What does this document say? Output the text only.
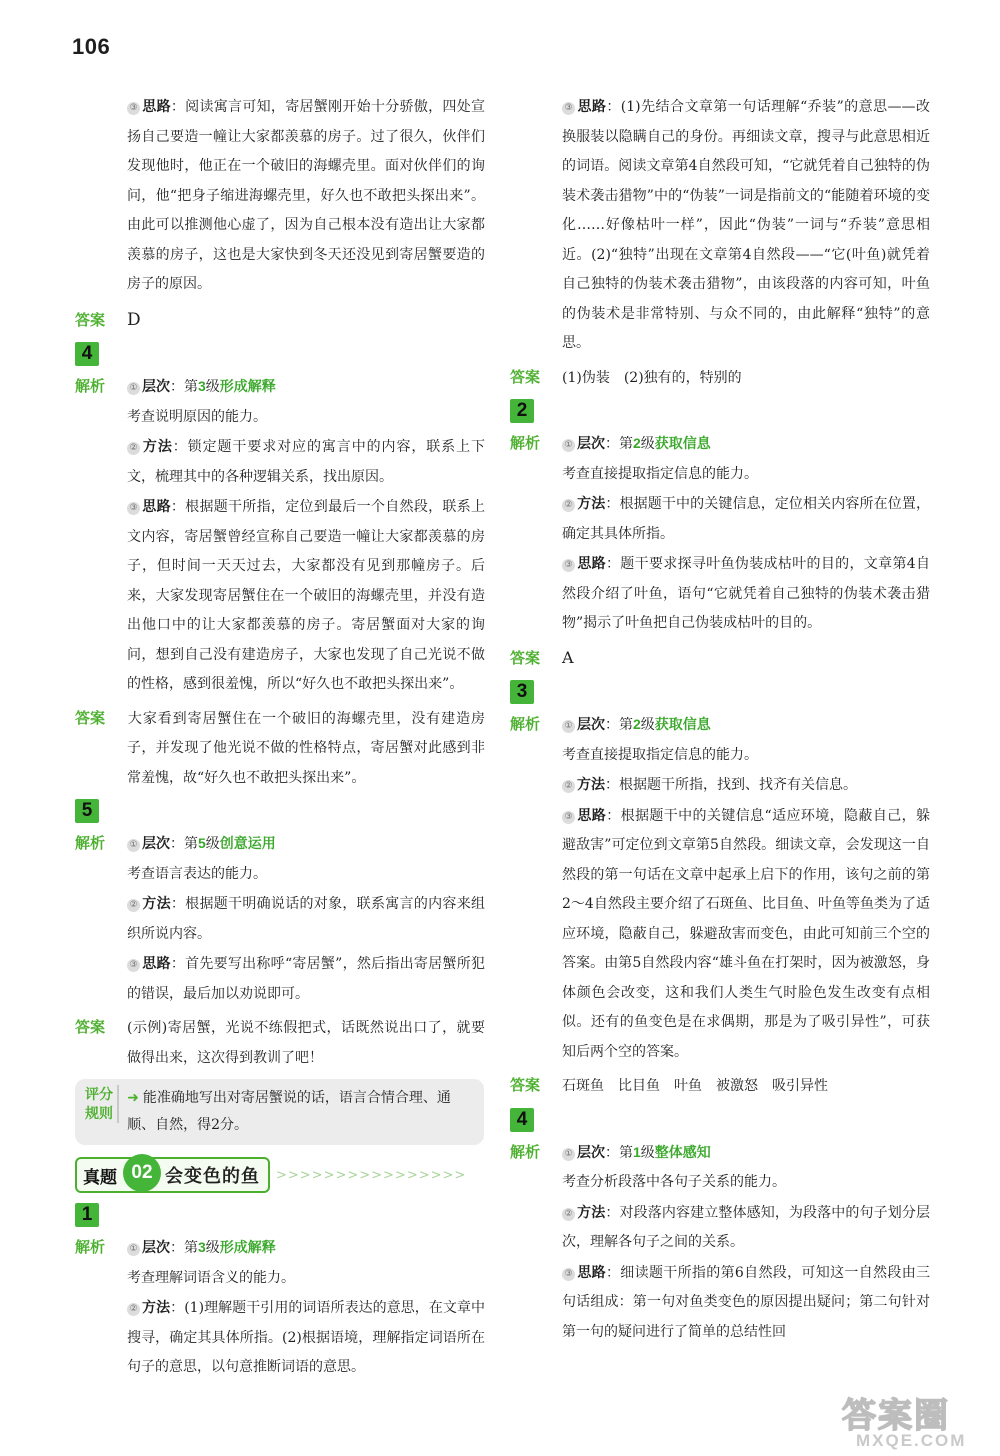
106

③ 思路：阅读寓言可知，寄居蟹刚开始十分骄傲，四处宣扬自己要造一幢让大家都羡慕的房子。过了很久，伙伴们发现他时，他正在一个破旧的海螺壳里。面对伙伴们的询问，他“把身子缩进海螺壳里，好久也不敢把头探出来”。由此可以推测他心虚了，因为自己根本没有造出让大家都羡慕的房子，这也是大家快到冬天还没见到寄居蟹要造的房子的原因。

答案 D

4

解析	① 层次：第3级形成解释

考查说明原因的能力。

② 方法：锁定题干要求对应的寓言中的内容，联系上下文，梳理其中的各种逻辑关系，找出原因。

③ 思路：根据题干所指，定位到最后一个自然段，联系上文内容，寄居蟹曾经宣称自己要造一幢让大家都羡慕的房子，但时间一天天过去，大家都没有见到那幢房子。后来，大家发现寄居蟹住在一个破旧的海螺壳里，并没有造出他口中的让大家都羡慕的房子。寄居蟹面对大家的询问，想到自己没有建造房子，大家也发现了自己光说不做的性格，感到很羞愧，所以“好久也不敢把头探出来”。

答案 大家看到寄居蟹住在一个破旧的海螺壳里，没有建造房子，并发现了他光说不做的性格特点，寄居蟹对此感到非常羞愧，故“好久也不敢把头探出来”。

5

解析	① 层次：第5级创意运用

考查语言表达的能力。

② 方法：根据题干明确说话的对象，联系寓言的内容来组织所说内容。

③ 思路：首先要写出称呼“寄居蟹”，然后指出寄居蟹所犯的错误，最后加以劝说即可。

答案 (示例)寄居蟹，光说不练假把式，话既然说出口了，就要做得出来，这次得到教训了吧！

评分规则
➜ 能准确地写出对寄居蟹说的话，语言合情合理、通顺、自然，得2分。
真题 02 会变色的鱼 >>>>>>>>>>>>>>>>
1

解析	① 层次：第3级形成解释

考查理解词语含义的能力。

② 方法：(1)理解题干引用的词语所表达的意思，在文章中搜寻，确定其具体所指。(2)根据语境，理解指定词语所在句子的意思，以句意推断词语的意思。

③ 思路：(1)先结合文章第一句话理解“乔装”的意思——改换服装以隐瞒自己的身份。再细读文章，搜寻与此意思相近的词语。阅读文章第4自然段可知，“它就凭着自己独特的伪装术袭击猎物”中的“伪装”一词是指前文的“能随着环境的变化……好像枯叶一样”，因此“伪装”一词与“乔装”意思相近。(2)“独特”出现在文章第4自然段——“它(叶鱼)就凭着自己独特的伪装术袭击猎物”，由该段落的内容可知，叶鱼的伪装术是非常特别、与众不同的，由此解释“独特”的意思。

答案 (1)伪装　(2)独有的，特别的

2

解析	① 层次：第2级获取信息

考查直接提取指定信息的能力。

② 方法：根据题干中的关键信息，定位相关内容所在位置，确定其具体所指。

③ 思路：题干要求探寻叶鱼伪装成枯叶的目的，文章第4自然段介绍了叶鱼，语句“它就凭着自己独特的伪装术袭击猎物”揭示了叶鱼把自己伪装成枯叶的目的。

答案 A

3

解析	① 层次：第2级获取信息

考查直接提取指定信息的能力。

② 方法：根据题干所指，找到、找齐有关信息。

③ 思路：根据题干中的关键信息“适应环境，隐蔽自己，躲避敌害”可定位到文章第5自然段。细读文章，会发现这一自然段的第一句话在文章中起承上启下的作用，该句之前的第2～4自然段主要介绍了石斑鱼、比目鱼、叶鱼等鱼类为了适应环境，隐蔽自己，躲避敌害而变色，由此可知前三个空的答案。由第5自然段内容“雄斗鱼在打架时，因为被激怒，身体颜色会改变，这和我们人类生气时脸色发生改变有点相似。还有的鱼变色是在求偶期，那是为了吸引异性”，可获知后两个空的答案。

答案 石斑鱼　比目鱼　叶鱼　被激怒　吸引异性

4

解析	① 层次：第1级整体感知

考查分析段落中各句子关系的能力。

② 方法：对段落内容建立整体感知，为段落中的句子划分层次，理解各句子之间的关系。

③ 思路：细读题干所指的第6自然段，可知这一自然段由三句话组成：第一句对鱼类变色的原因提出疑问；第二句针对第一句的疑问进行了简单的总结性回

答案圈
MXQE.COM
